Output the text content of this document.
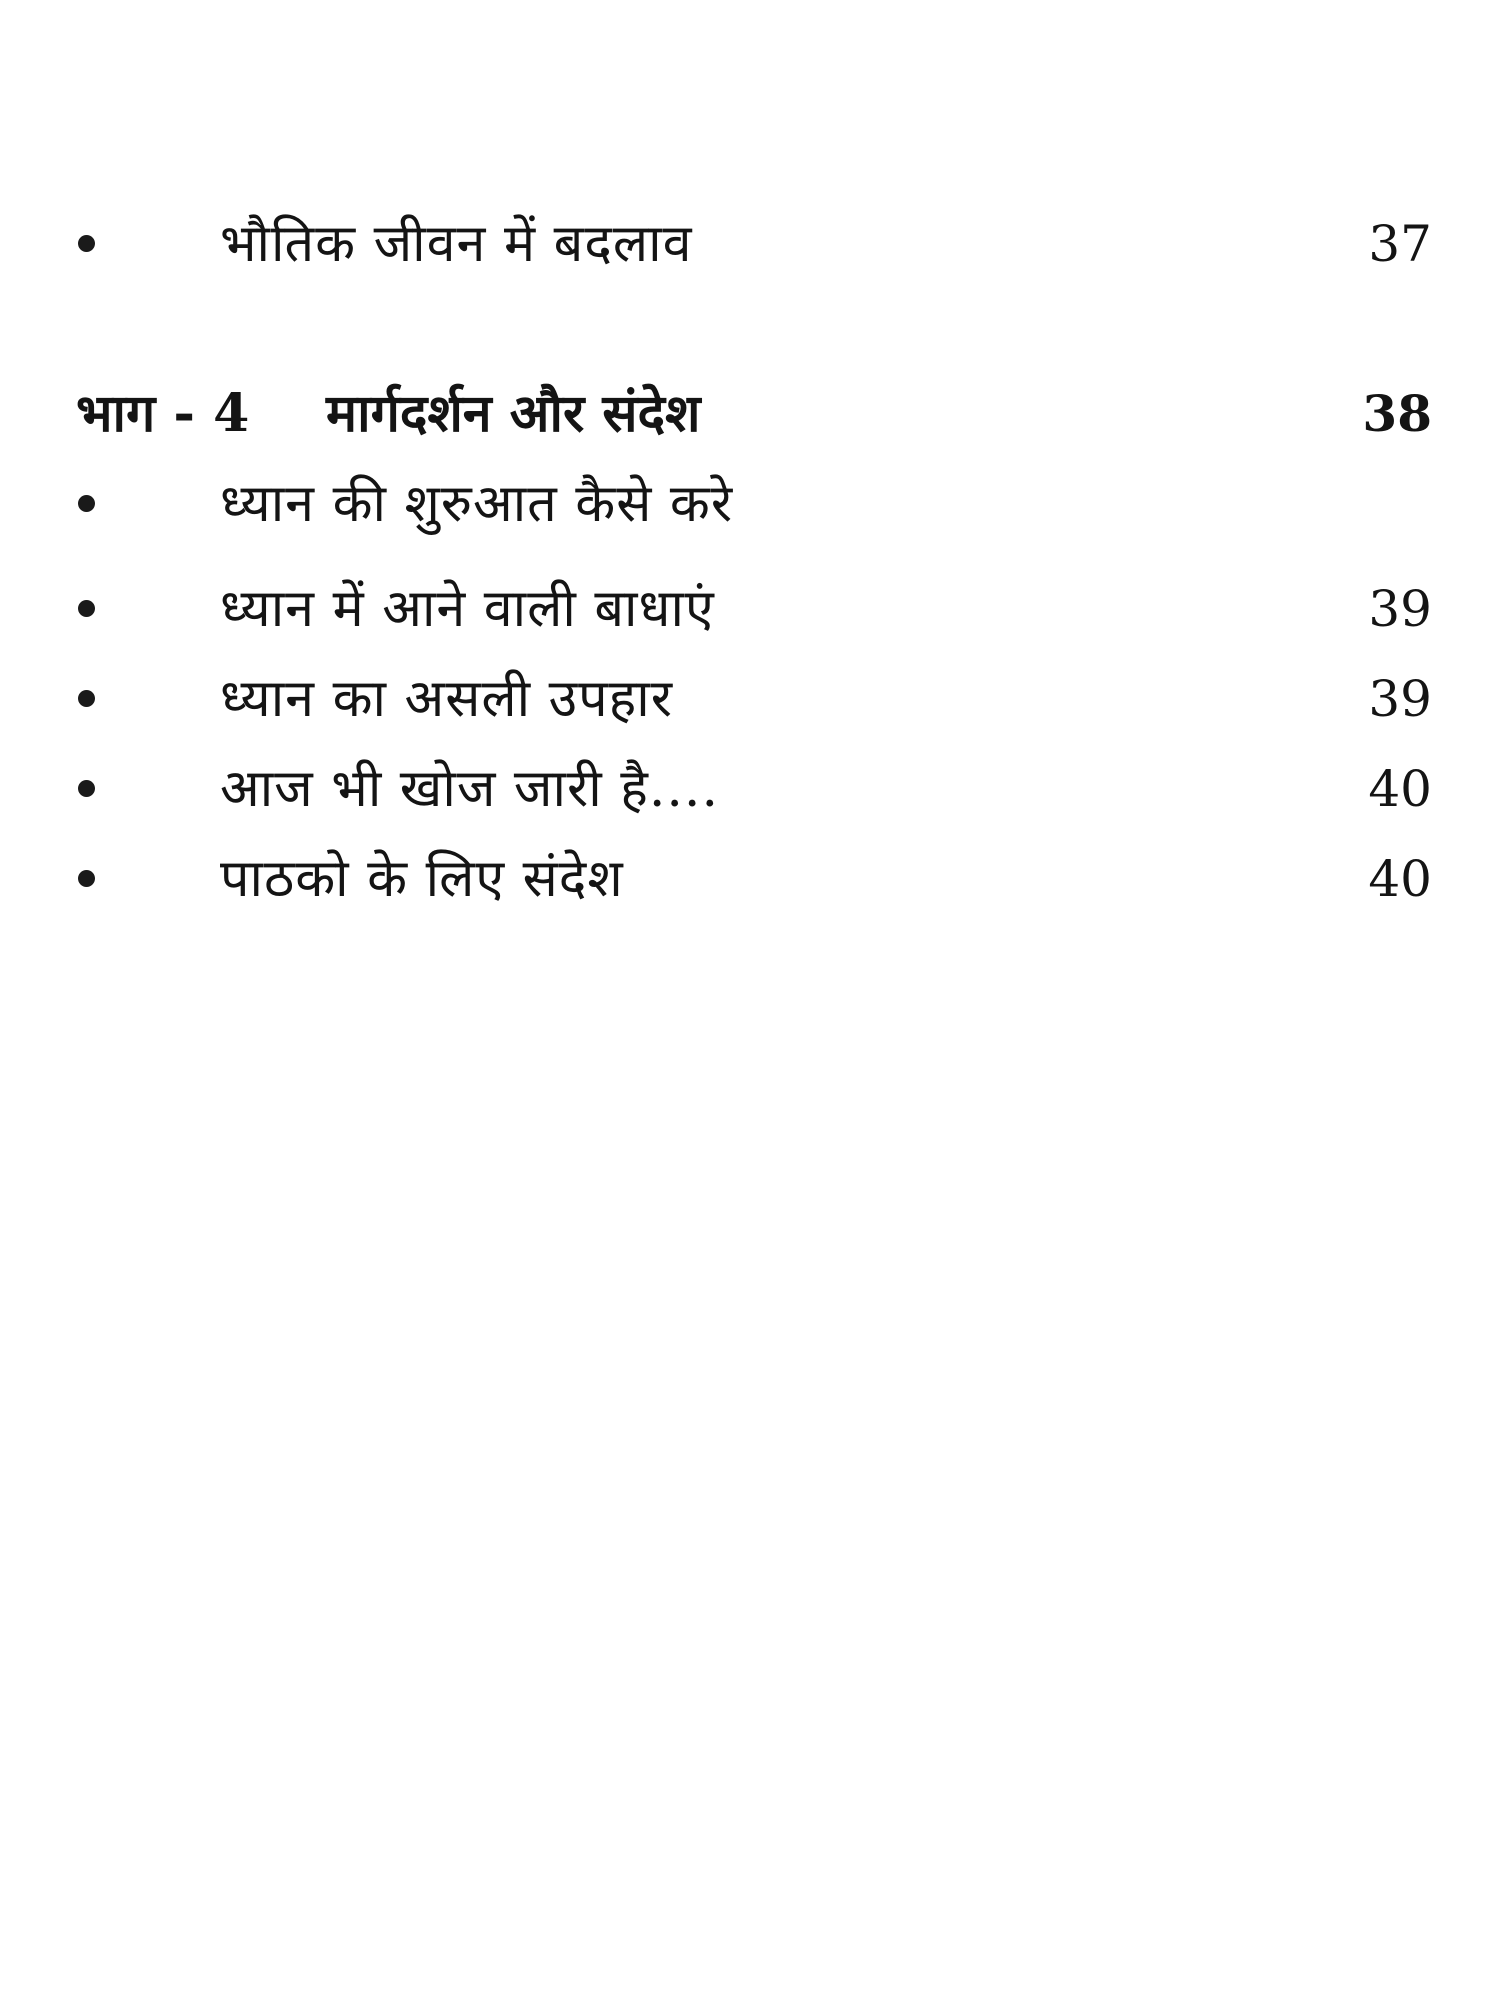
भौतिक जीवन में बदलाव	37
भाग - 4 मार्गदर्शन और संदेश	38
ध्यान की शुरुआत कैसे करे
ध्यान में आने वाली बाधाएं	39
ध्यान का असली उपहार	39
आज भी खोज जारी है....	40
पाठको के लिए संदेश	40
